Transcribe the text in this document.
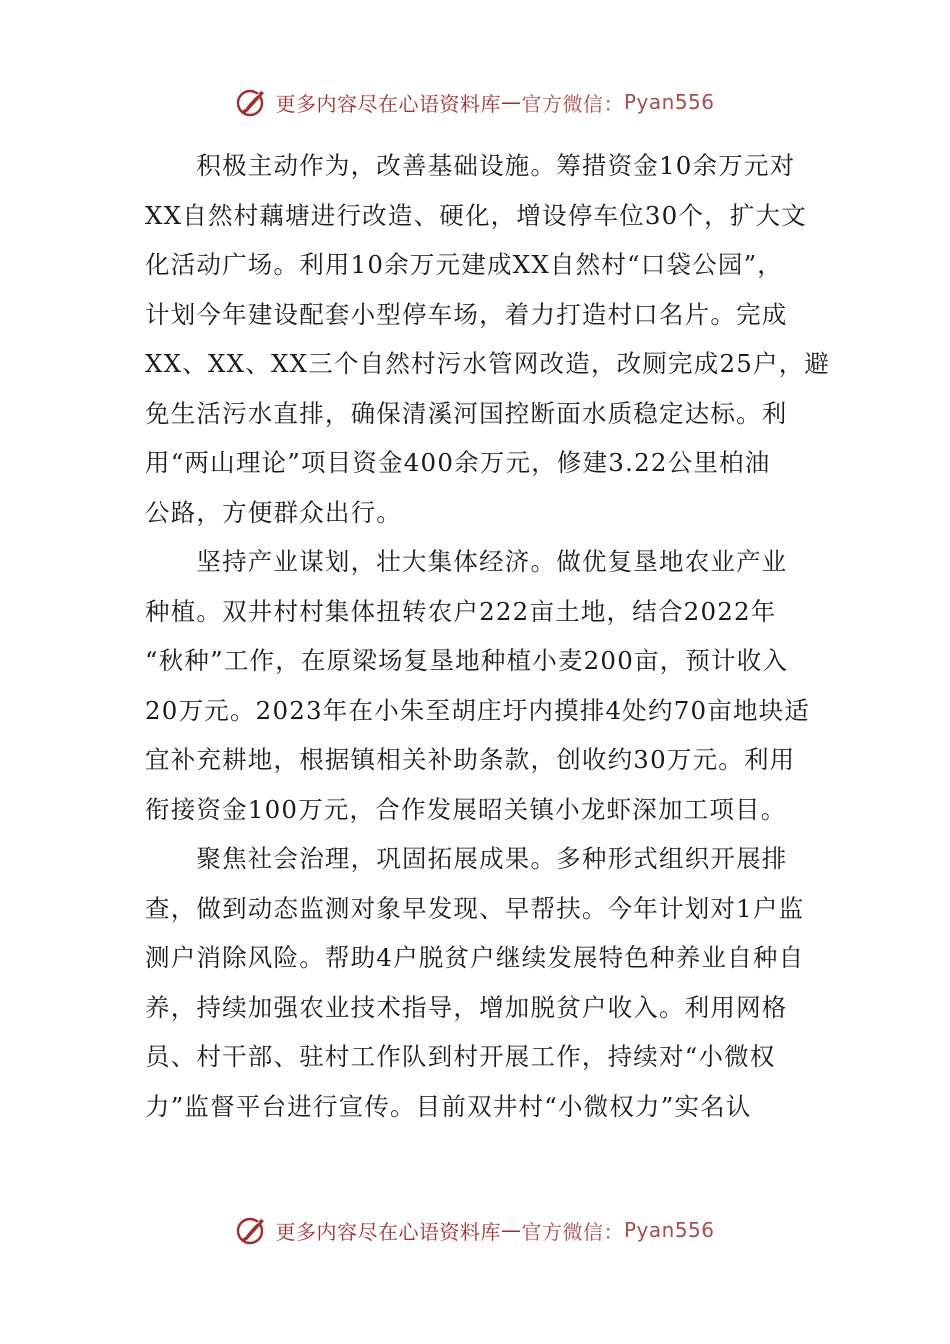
更多内容尽在心语资料库 — 官方微信： Pyan556
　　积极主动作为，改善基础设施。筹措资金10余万元对
XX自然村藕塘进行改造、硬化，增设停车位30个，扩大文
化活动广场。利用10余万元建成XX自然村“口袋公园”，
计划今年建设配套小型停车场，着力打造村口名片。完成
XX、XX、XX三个自然村污水管网改造，改厕完成25户，避
免生活污水直排，确保清溪河国控断面水质稳定达标。利
用“两山理论”项目资金400余万元，修建3.22公里柏油
公路，方便群众出行。
　　坚持产业谋划，壮大集体经济。做优复垦地农业产业
种植。双井村村集体扭转农户222亩土地，结合2022年
“秋种”工作，在原梁场复垦地种植小麦200亩，预计收入
20万元。2023年在小朱至胡庄圩内摸排4处约70亩地块适
宜补充耕地，根据镇相关补助条款，创收约30万元。利用
衔接资金100万元，合作发展昭关镇小龙虾深加工项目。
　　聚焦社会治理，巩固拓展成果。多种形式组织开展排
查，做到动态监测对象早发现、早帮扶。今年计划对1户监
测户消除风险。帮助4户脱贫户继续发展特色种养业自种自
养，持续加强农业技术指导，增加脱贫户收入。利用网格
员、村干部、驻村工作队到村开展工作，持续对“小微权
力”监督平台进行宣传。目前双井村“小微权力”实名认
更多内容尽在心语资料库 — 官方微信： Pyan556
